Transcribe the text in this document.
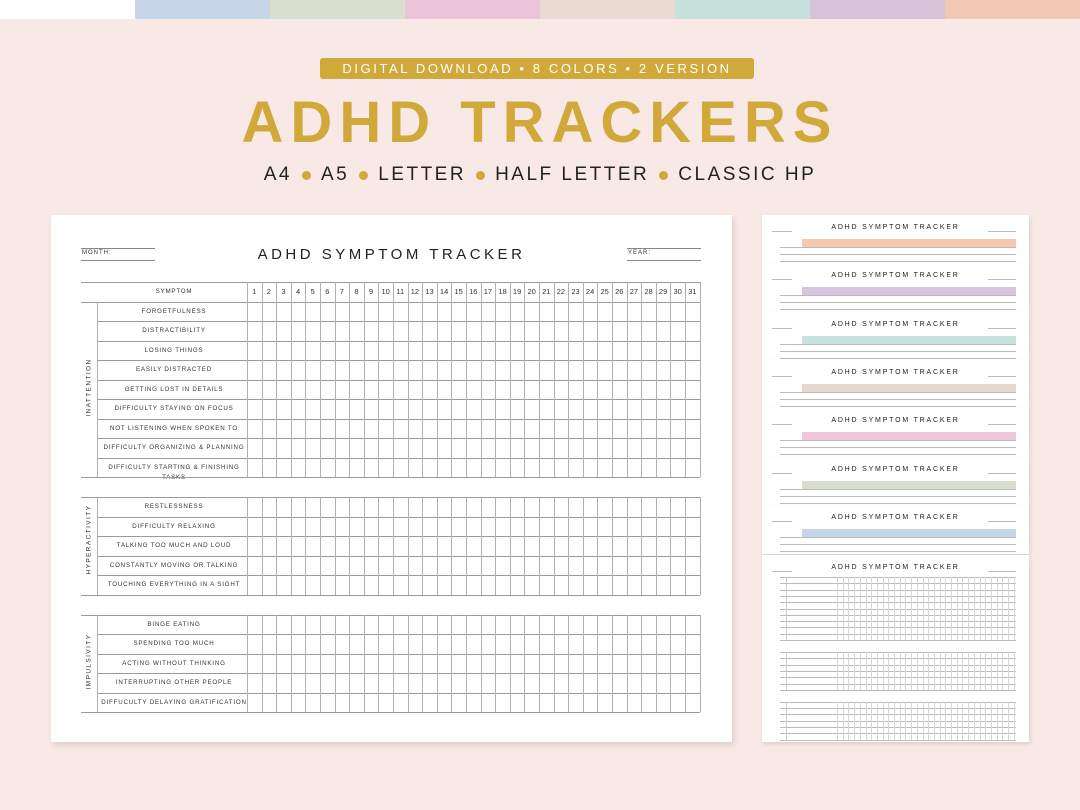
DIGITAL DOWNLOAD • 8 COLORS • 2 VERSION
ADHD TRACKERS
A4 A5 LETTER HALF LETTER CLASSIC HP
MONTH:	ADHD SYMPTOM TRACKER	YEAR:
SYMPTOM	1	2	3	4	5	6	7	8	9	10 11 12 13 14 15 16 17 18 19 20 21 22 23 24 25 26 27 28 29 30 31
FORGETFULNESS
DISTRACTIBILITY
LOSING THINGS
EASILY DISTRACTED
GETTING LOST IN DETAILS
DIFFICULTY STAYING ON FOCUS
NOT LISTENING WHEN SPOKEN TO
DIFFICULTY ORGANIZING & PLANNING
DIFFICULTY STARTING & FINISHING TASKS
INATTENTION
RESTLESSNESS
DIFFICULTY RELAXING
TALKING TOO MUCH AND LOUD
CONSTANTLY MOVING OR TALKING
TOUCHING EVERYTHING IN A SIGHT
HYPERACTIVITY
BINGE EATING
SPENDING TOO MUCH
ACTING WITHOUT THINKING
INTERRUPTING OTHER PEOPLE
DIFFUCULTY DELAYING GRATIFICATION
IMPULSIVITY
ADHD SYMPTOM TRACKER
ADHD SYMPTOM TRACKER
ADHD SYMPTOM TRACKER
ADHD SYMPTOM TRACKER
ADHD SYMPTOM TRACKER
ADHD SYMPTOM TRACKER
ADHD SYMPTOM TRACKER
ADHD SYMPTOM TRACKER
